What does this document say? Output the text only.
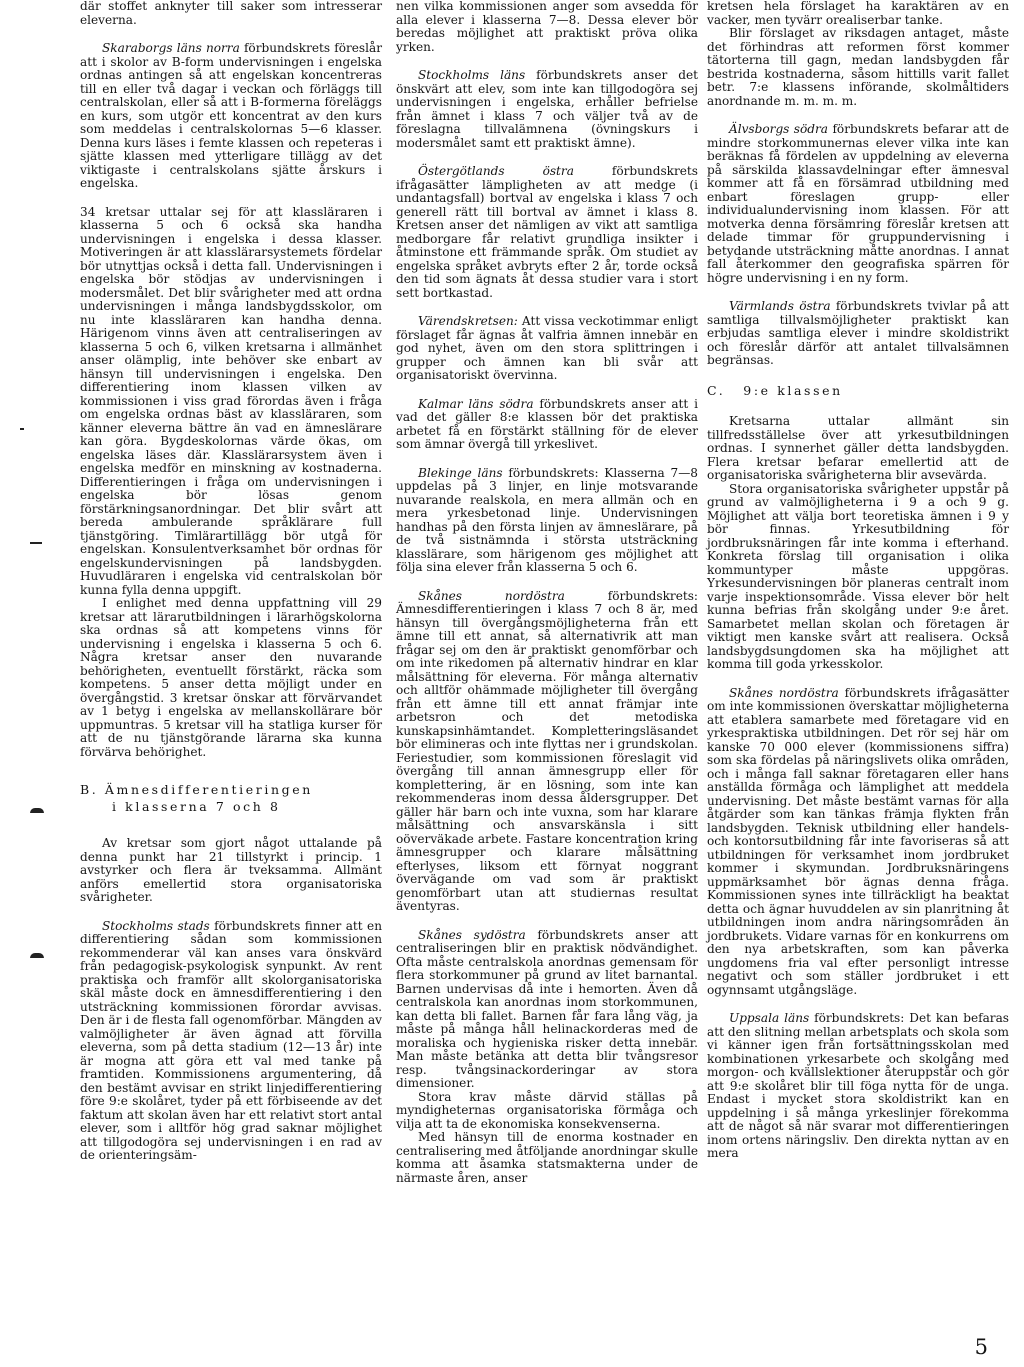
där stoffet anknyter till saker som intresserar eleverna.

Skaraborgs läns norra förbundskrets föreslår att i skolor av B-form undervisningen i engelska ordnas antingen så att engelskan koncentreras till en eller två dagar i veckan och förläggs till centralskolan, eller så att i B-formerna föreläggs en kurs, som utgör ett koncentrat av den kurs som meddelas i centralskolornas 5—6 klasser. Denna kurs läses i femte klassen och repeteras i sjätte klassen med ytterligare tillägg av det viktigaste i centralskolans sjätte årskurs i engelska.

34 kretsar uttalar sej för att klassläraren i klasserna 5 och 6 också ska handha undervisningen i engelska i dessa klasser. Motiveringen är att klasslärarsystemets fördelar bör utnyttjas också i detta fall. Undervisningen i engelska bör stödjas av undervisningen i modersmålet. Det blir svårigheter med att ordna undervisningen i många landsbygdsskolor, om nu inte klassläraren kan handha denna. Härigenom vinns även att centraliseringen av klasserna 5 och 6, vilken kretsarna i allmänhet anser olämplig, inte behöver ske enbart av hänsyn till undervisningen i engelska. Den differentiering inom klassen vilken av kommissionen i viss grad förordas även i fråga om engelska ordnas bäst av klassläraren, som känner eleverna bättre än vad en ämneslärare kan göra. Bygdeskolornas värde ökas, om engelska läses där. Klasslärarsystem även i engelska medför en minskning av kostnaderna. Differentieringen i fråga om undervisningen i engelska bör lösas genom förstärkningsanordningar. Det blir svårt att bereda ambulerande språklärare full tjänstgöring. Timlärartillägg bör utgå för engelskan. Konsulentverksamhet bör ordnas för engelskundervisningen på landsbygden. Huvudläraren i engelska vid centralskolan bör kunna fylla denna uppgift.

I enlighet med denna uppfattning vill 29 kretsar att lärarutbildningen i lärarhögskolorna ska ordnas så att kompetens vinns för undervisning i engelska i klasserna 5 och 6. Några kretsar anser den nuvarande behörigheten, eventuellt förstärkt, räcka som kompetens. 5 anser detta möjligt under en övergångstid. 3 kretsar önskar att förvärvandet av 1 betyg i engelska av mellanskollärare bör uppmuntras. 5 kretsar vill ha statliga kurser för att de nu tjänstgörande lärarna ska kunna förvärva behörighet.

B. Ämnesdifferentieringen
i klasserna 7 och 8

Av kretsar som gjort något uttalande på denna punkt har 21 tillstyrkt i princip. 1 avstyrker och flera är tveksamma. Allmänt anförs emellertid stora organisatoriska svårigheter.

Stockholms stads förbundskrets finner att en differentiering sådan som kommissionen rekommenderar väl kan anses vara önskvärd från pedagogisk-psykologisk synpunkt. Av rent praktiska och framför allt skolorganisatoriska skäl måste dock en ämnesdifferentiering i den utsträckning kommissionen förordar avvisas. Den är i de flesta fall ogenomförbar. Mängden av valmöjligheter är även ägnad att förvilla eleverna, som på detta stadium (12—13 år) inte är mogna att göra ett val med tanke på framtiden. Kommissionens argumentering, då den bestämt avvisar en strikt linjedifferentiering före 9:e skolåret, tyder på ett förbiseende av det faktum att skolan även har ett relativt stort antal elever, som i alltför hög grad saknar möjlighet att tillgodogöra sej undervisningen i en rad av de orienteringsäm-

nen vilka kommissionen anger som avsedda för alla elever i klasserna 7—8. Dessa elever bör beredas möjlighet att praktiskt pröva olika yrken.

Stockholms läns förbundskrets anser det önskvärt att elev, som inte kan tillgodogöra sej undervisningen i engelska, erhåller befrielse från ämnet i klass 7 och väljer två av de föreslagna tillvalämnena (övningskurs i modersmålet samt ett praktiskt ämne).

Östergötlands östra förbundskrets ifrågasätter lämpligheten av att medge (i undantagsfall) bortval av engelska i klass 7 och generell rätt till bortval av ämnet i klass 8. Kretsen anser det nämligen av vikt att samtliga medborgare får relativt grundliga insikter i åtminstone ett främmande språk. Om studiet av engelska språket avbryts efter 2 år, torde också den tid som ägnats åt dessa studier vara i stort sett bortkastad.

Värendskretsen: Att vissa veckotimmar enligt förslaget får ägnas åt valfria ämnen innebär en god nyhet, även om den stora splittringen i grupper och ämnen kan bli svår att organisatoriskt övervinna.

Kalmar läns södra förbundskrets anser att i vad det gäller 8:e klassen bör det praktiska arbetet få en förstärkt ställning för de elever som ämnar övergå till yrkeslivet.

Blekinge läns förbundskrets: Klasserna 7—8 uppdelas på 3 linjer, en linje motsvarande nuvarande realskola, en mera allmän och en mera yrkesbetonad linje. Undervisningen handhas på den första linjen av ämneslärare, på de två sistnämnda i största utsträckning klasslärare, som härigenom ges möjlighet att följa sina elever från klasserna 5 och 6.

Skånes nordöstra förbundskrets: Ämnesdifferentieringen i klass 7 och 8 är, med hänsyn till övergångsmöjligheterna från ett ämne till ett annat, så alternativrik att man frågar sej om den är praktiskt genomförbar och om inte rikedomen på alternativ hindrar en klar målsättning för eleverna. För många alternativ och alltför ohämmade möjligheter till övergång från ett ämne till ett annat främjar inte arbetsron och det metodiska kunskapsinhämtandet. Kompletteringsläsandet bör elimineras och inte flyttas ner i grundskolan. Feriestudier, som kommissionen föreslagit vid övergång till annan ämnesgrupp eller för komplettering, är en lösning, som inte kan rekommenderas inom dessa åldersgrupper. Det gäller här barn och inte vuxna, som har klarare målsättning och ansvarskänsla i sitt oöverväkade arbete. Fastare koncentration kring ämnesgrupper och klarare målsättning efterlyses, liksom ett förnyat noggrant övervägande om vad som är praktiskt genomförbart utan att studiernas resultat äventyras.

Skånes sydöstra förbundskrets anser att centraliseringen blir en praktisk nödvändighet. Ofta måste centralskola anordnas gemensam för flera storkommuner på grund av litet barnantal. Barnen undervisas då inte i hemorten. Även då centralskola kan anordnas inom storkommunen, kan detta bli fallet. Barnen får fara lång väg, ja måste på många håll helinackorderas med de moraliska och hygieniska risker detta innebär. Man måste betänka att detta blir tvångsresor resp. tvångsinackorderingar av stora dimensioner.

Stora krav måste därvid ställas på myndigheternas organisatoriska förmåga och vilja att ta de ekonomiska konsekvenserna.

Med hänsyn till de enorma kostnader en centralisering med åtföljande anordningar skulle komma att åsamka statsmakterna under de närmaste åren, anser

kretsen hela förslaget ha karaktären av en vacker, men tyvärr orealiserbar tanke.

Blir förslaget av riksdagen antaget, måste det förhindras att reformen först kommer tätorterna till gagn, medan landsbygden får bestrida kostnaderna, såsom hittills varit fallet betr. 7:e klassens införande, skolmåltiders anordnande m. m. m. m.

Älvsborgs södra förbundskrets befarar att de mindre storkommunernas elever vilka inte kan beräknas få fördelen av uppdelning av eleverna på särskilda klassavdelningar efter ämnesval kommer att få en försämrad utbildning med enbart föreslagen grupp- eller individualundervisning inom klassen. För att motverka denna försämring föreslår kretsen att delade timmar för gruppundervisning i betydande utsträckning måtte anordnas. I annat fall återkommer den geografiska spärren för högre undervisning i en ny form.

Värmlands östra förbundskrets tvivlar på att samtliga tillvalsmöjligheter praktiskt kan erbjudas samtliga elever i mindre skoldistrikt och föreslår därför att antalet tillvalsämnen begränsas.

C. 9:e klassen

Kretsarna uttalar allmänt sin tillfredsställelse över att yrkesutbildningen ordnas. I synnerhet gäller detta landsbygden. Flera kretsar befarar emellertid att de organisatoriska svårigheterna blir avsevärda.

Stora organisatoriska svårigheter uppstår på grund av valmöjligheterna i 9 a och 9 g. Möjlighet att välja bort teoretiska ämnen i 9 y bör finnas. Yrkesutbildning för jordbruksnäringen får inte komma i efterhand. Konkreta förslag till organisation i olika kommuntyper måste uppgöras. Yrkesundervisningen bör planeras centralt inom varje inspektionsområde. Vissa elever bör helt kunna befrias från skolgång under 9:e året. Samarbetet mellan skolan och företagen är viktigt men kanske svårt att realisera. Också landsbygdsungdomen ska ha möjlighet att komma till goda yrkesskolor.

Skånes nordöstra förbundskrets ifrågasätter om inte kommissionen överskattar möjligheterna att etablera samarbete med företagare vid en yrkespraktiska utbildningen. Det rör sej här om kanske 70 000 elever (kommissionens siffra) som ska fördelas på näringslivets olika områden, och i många fall saknar företagaren eller hans anställda förmåga och lämplighet att meddela undervisning. Det måste bestämt varnas för alla åtgärder som kan tänkas främja flykten från landsbygden. Teknisk utbildning eller handels- och kontorsutbildning får inte favoriseras så att utbildningen för verksamhet inom jordbruket kommer i skymundan. Jordbruksnäringens uppmärksamhet bör ägnas denna fråga. Kommissionen synes inte tillräckligt ha beaktat detta och ägnar huvuddelen av sin planritning åt utbildningen inom andra näringsområden än jordbrukets. Vidare varnas för en konkurrens om den nya arbetskraften, som kan påverka ungdomens fria val efter personligt intresse negativt och som ställer jordbruket i ett ogynnsamt utgångsläge.

Uppsala läns förbundskrets: Det kan befaras att den slitning mellan arbetsplats och skola som vi känner igen från fortsättningsskolan med kombinationen yrkesarbete och skolgång med morgon- och kvällslektioner återuppstår och gör att 9:e skolåret blir till föga nytta för de unga. Endast i mycket stora skoldistrikt kan en uppdelning i så många yrkeslinjer förekomma att de något så när svarar mot differentieringen inom ortens näringsliv. Den direkta nyttan av en mera

5
